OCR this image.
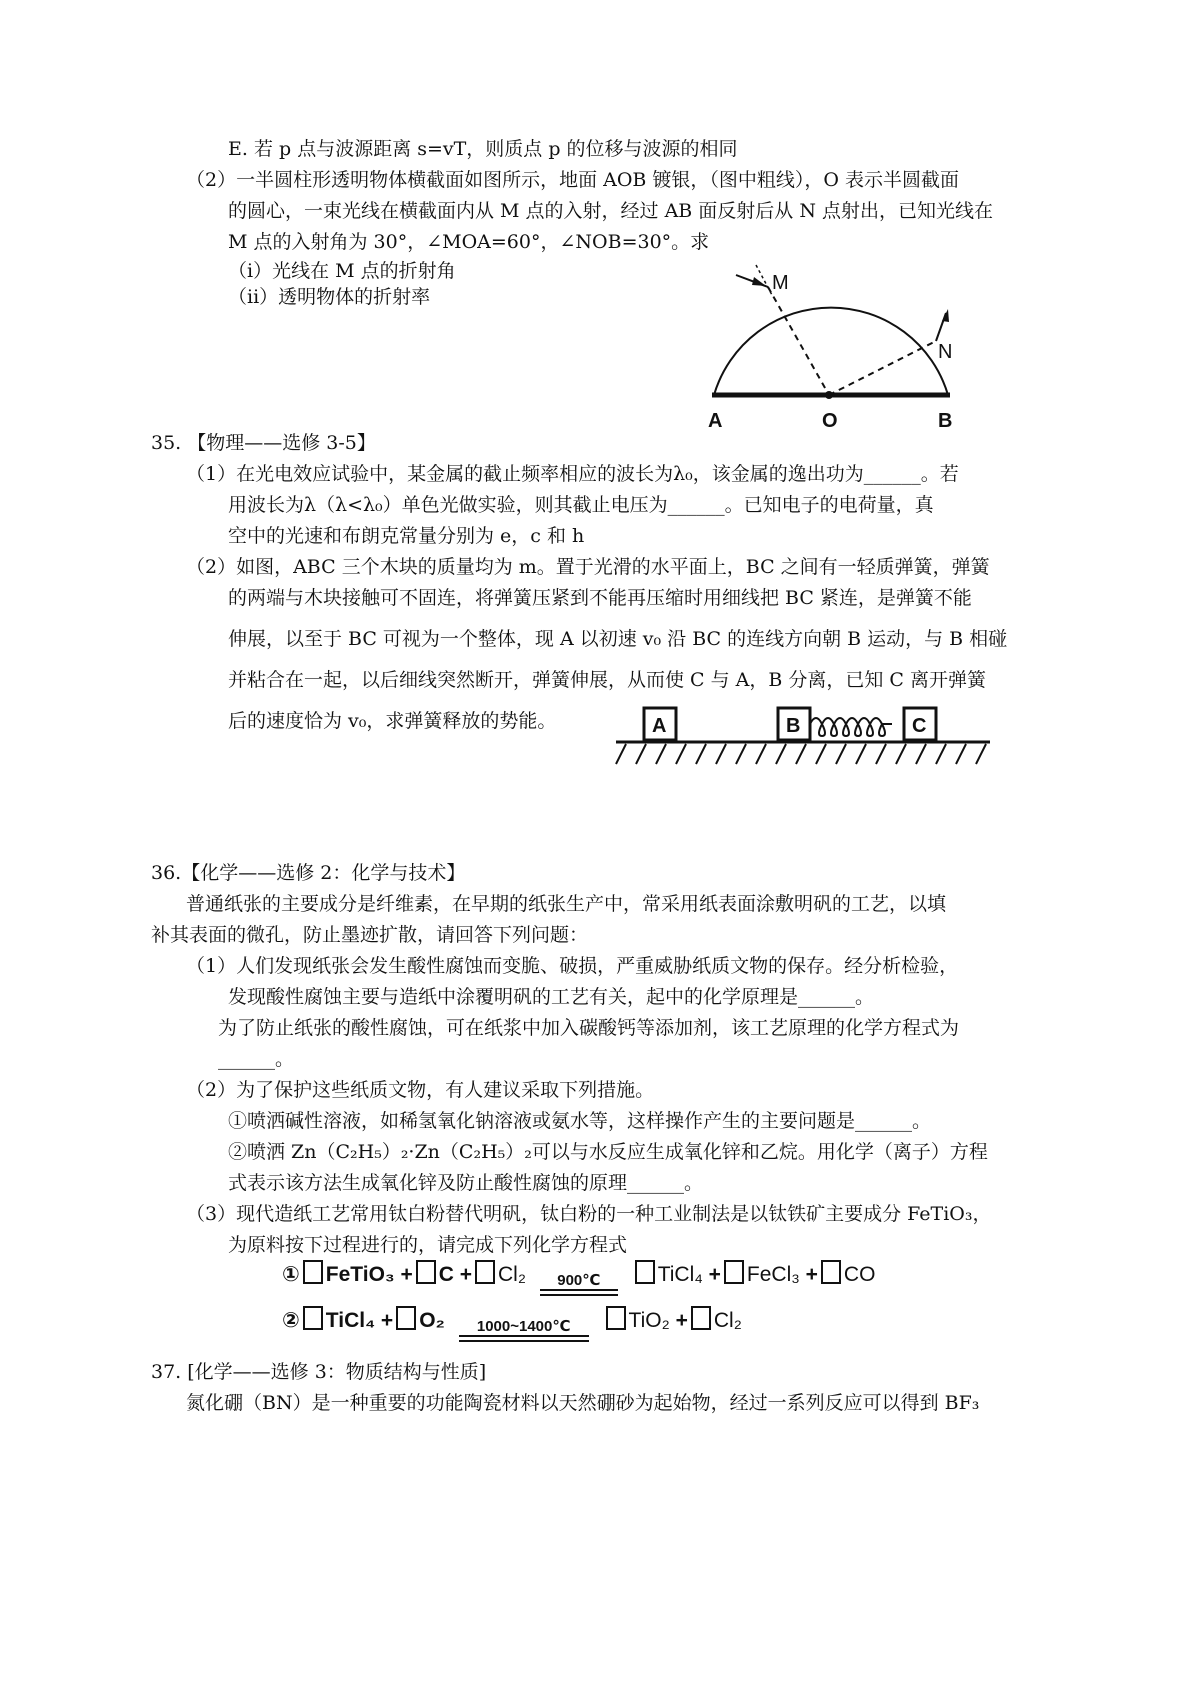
E. 若 p 点与波源距离 s=vT，则质点 p 的位移与波源的相同
（2）一半圆柱形透明物体横截面如图所示，地面 AOB 镀银，（图中粗线），O 表示半圆截面
的圆心，一束光线在横截面内从 M 点的入射，经过 AB 面反射后从 N 点射出，已知光线在
M 点的入射角为 30°，∠MOA=60°，∠NOB=30°。求
（i）光线在 M 点的折射角
（ii）透明物体的折射率
M
N
A	O	B
35. 【物理——选修 3-5】
（1）在光电效应试验中，某金属的截止频率相应的波长为λ₀，该金属的逸出功为______。若
用波长为λ（λ<λ₀）单色光做实验，则其截止电压为______。已知电子的电荷量，真
空中的光速和布朗克常量分别为 e，c 和 h
（2）如图，ABC 三个木块的质量均为 m。置于光滑的水平面上，BC 之间有一轻质弹簧，弹簧
的两端与木块接触可不固连，将弹簧压紧到不能再压缩时用细线把 BC 紧连，是弹簧不能
伸展，以至于 BC 可视为一个整体，现 A 以初速 v₀ 沿 BC 的连线方向朝 B 运动，与 B 相碰
并粘合在一起，以后细线突然断开，弹簧伸展，从而使 C 与 A，B 分离，已知 C 离开弹簧
后的速度恰为 v₀，求弹簧释放的势能。	A	B	C
36.【化学——选修 2：化学与技术】
普通纸张的主要成分是纤维素，在早期的纸张生产中，常采用纸表面涂敷明矾的工艺，以填
补其表面的微孔，防止墨迹扩散，请回答下列问题：
（1）人们发现纸张会发生酸性腐蚀而变脆、破损，严重威胁纸质文物的保存。经分析检验，
发现酸性腐蚀主要与造纸中涂覆明矾的工艺有关，起中的化学原理是______。
为了防止纸张的酸性腐蚀，可在纸浆中加入碳酸钙等添加剂，该工艺原理的化学方程式为
______。
（2）为了保护这些纸质文物，有人建议采取下列措施。
①喷洒碱性溶液，如稀氢氧化钠溶液或氨水等，这样操作产生的主要问题是______。
②喷洒 Zn（C₂H₅）₂·Zn（C₂H₅）₂可以与水反应生成氧化锌和乙烷。用化学（离子）方程
式表示该方法生成氧化锌及防止酸性腐蚀的原理______。
（3）现代造纸工艺常用钛白粉替代明矾，钛白粉的一种工业制法是以钛铁矿主要成分 FeTiO₃，
为原料按下过程进行的，请完成下列化学方程式
① FeTiO₃ + C + Cl₂	900℃	TiCl₄ + FeCl₃ + CO
② TiCl₄ + O₂	1000~1400℃	TiO₂ + Cl₂
37. [化学——选修 3：物质结构与性质]
氮化硼（BN）是一种重要的功能陶瓷材料以天然硼砂为起始物，经过一系列反应可以得到 BF₃
